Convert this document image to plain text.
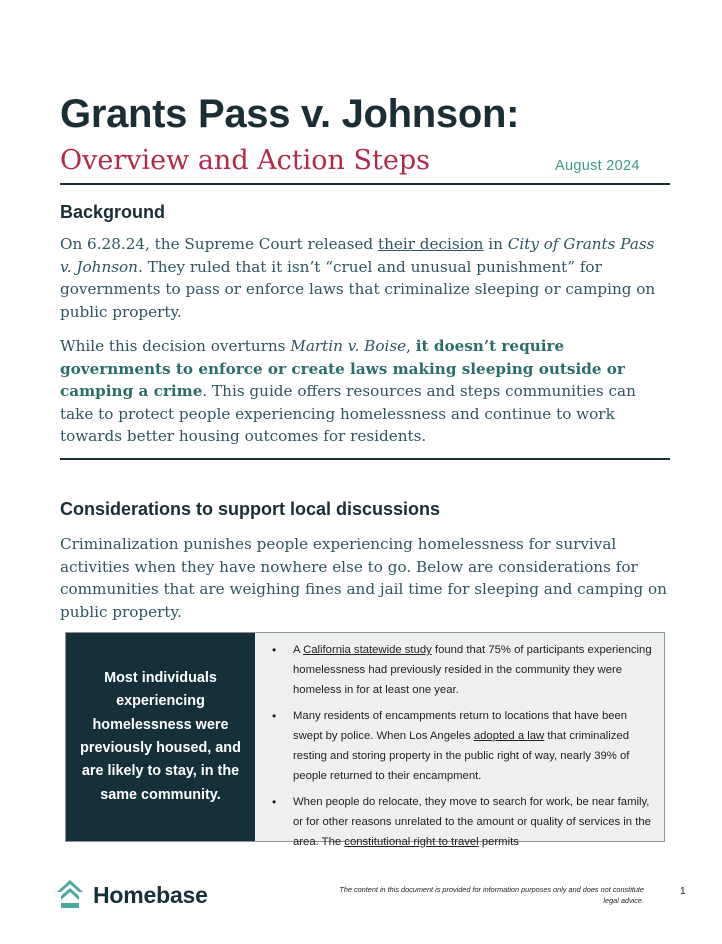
Grants Pass v. Johnson:
Overview and Action Steps	August 2024
Background

On 6.28.24, the Supreme Court released their decision in City of Grants Pass v. Johnson. They ruled that it isn’t “cruel and unusual punishment” for governments to pass or enforce laws that criminalize sleeping or camping on public property.

While this decision overturns Martin v. Boise, it doesn’t require governments to enforce or create laws making sleeping outside or camping a crime. This guide offers resources and steps communities can take to protect people experiencing homelessness and continue to work towards better housing outcomes for residents.

Considerations to support local discussions

Criminalization punishes people experiencing homelessness for survival activities when they have nowhere else to go. Below are considerations for communities that are weighing fines and jail time for sleeping and camping on public property.

Most individuals experiencing homelessness were previously housed, and are likely to stay, in the same community.
• A California statewide study found that 75% of participants experiencing homelessness had previously resided in the community they were homeless in for at least one year.
• Many residents of encampments return to locations that have been swept by police. When Los Angeles adopted a law that criminalized resting and storing property in the public right of way, nearly 39% of people returned to their encampment.
• When people do relocate, they move to search for work, be near family, or for other reasons unrelated to the amount or quality of services in the area. The constitutional right to travel permits
Homebase	The content in this document is provided for information purposes only and does not constitute legal advice.
1
